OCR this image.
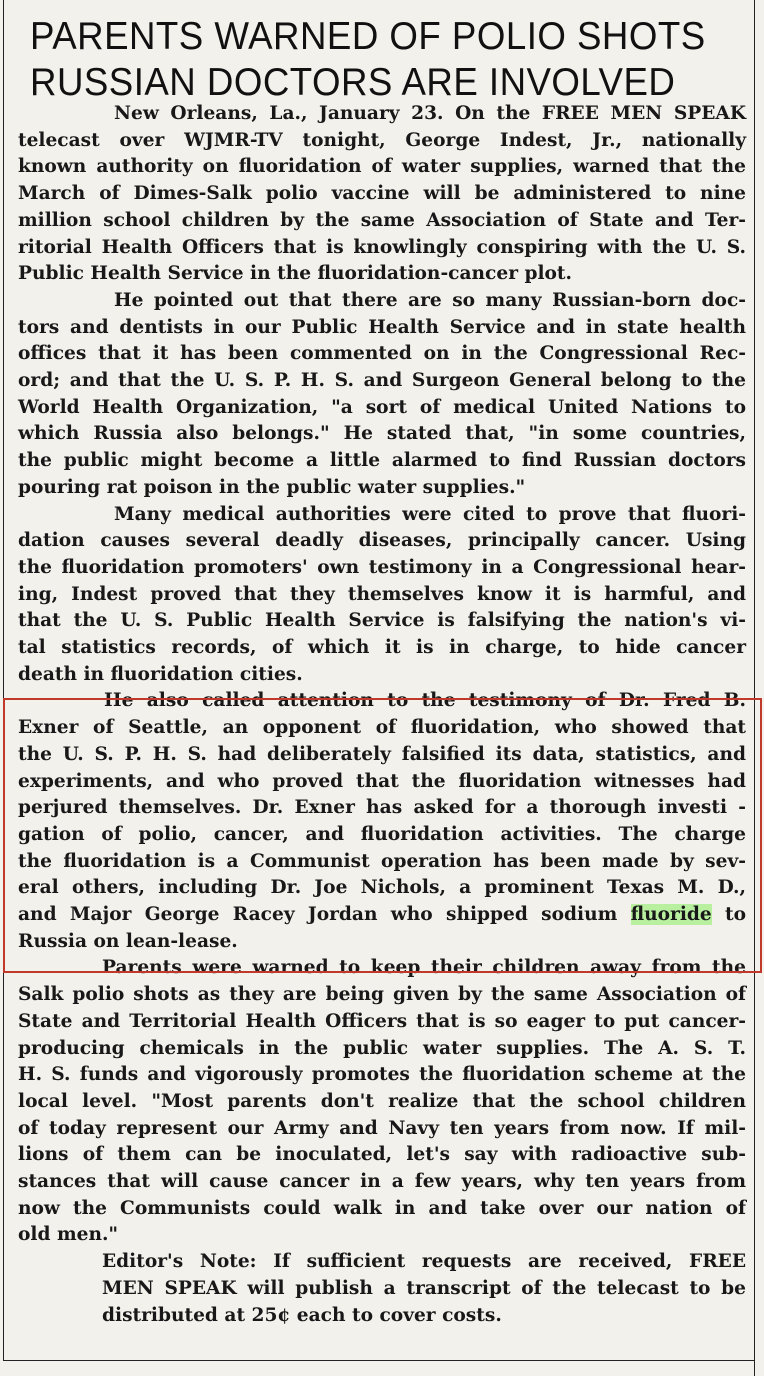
PARENTS WARNED OF POLIO SHOTS
RUSSIAN DOCTORS ARE INVOLVED
New Orleans, La., January 23. On the FREE MEN SPEAK
telecast over WJMR-TV tonight, George Indest, Jr., nationally
known authority on fluoridation of water supplies, warned that the
March of Dimes-Salk polio vaccine will be administered to nine
million school children by the same Association of State and Ter-
ritorial Health Officers that is knowlingly conspiring with the U. S.
Public Health Service in the fluoridation-cancer plot.
He pointed out that there are so many Russian-born doc-
tors and dentists in our Public Health Service and in state health
offices that it has been commented on in the Congressional Rec-
ord; and that the U. S. P. H. S. and Surgeon General belong to the
World Health Organization, "a sort of medical United Nations to
which Russia also belongs." He stated that, "in some countries,
the public might become a little alarmed to find Russian doctors
pouring rat poison in the public water supplies."
Many medical authorities were cited to prove that fluori-
dation causes several deadly diseases, principally cancer. Using
the fluoridation promoters' own testimony in a Congressional hear-
ing, Indest proved that they themselves know it is harmful, and
that the U. S. Public Health Service is falsifying the nation's vi-
tal statistics records, of which it is in charge, to hide cancer
death in fluoridation cities.
He also called attention to the testimony of Dr. Fred B.
Exner of Seattle, an opponent of fluoridation, who showed that
the U. S. P. H. S. had deliberately falsified its data, statistics, and
experiments, and who proved that the fluoridation witnesses had
perjured themselves. Dr. Exner has asked for a thorough investi -
gation of polio, cancer, and fluoridation activities. The charge
the fluoridation is a Communist operation has been made by sev-
eral others, including Dr. Joe Nichols, a prominent Texas M. D.,
and Major George Racey Jordan who shipped sodium fluoride to
Russia on lean-lease.
Parents were warned to keep their children away from the
Salk polio shots as they are being given by the same Association of
State and Territorial Health Officers that is so eager to put cancer-
producing chemicals in the public water supplies. The A. S. T.
H. S. funds and vigorously promotes the fluoridation scheme at the
local level. "Most parents don't realize that the school children
of today represent our Army and Navy ten years from now. If mil-
lions of them can be inoculated, let's say with radioactive sub-
stances that will cause cancer in a few years, why ten years from
now the Communists could walk in and take over our nation of
old men."
Editor's Note: If sufficient requests are received, FREE
MEN SPEAK will publish a transcript of the telecast to be
distributed at 25¢ each to cover costs.
